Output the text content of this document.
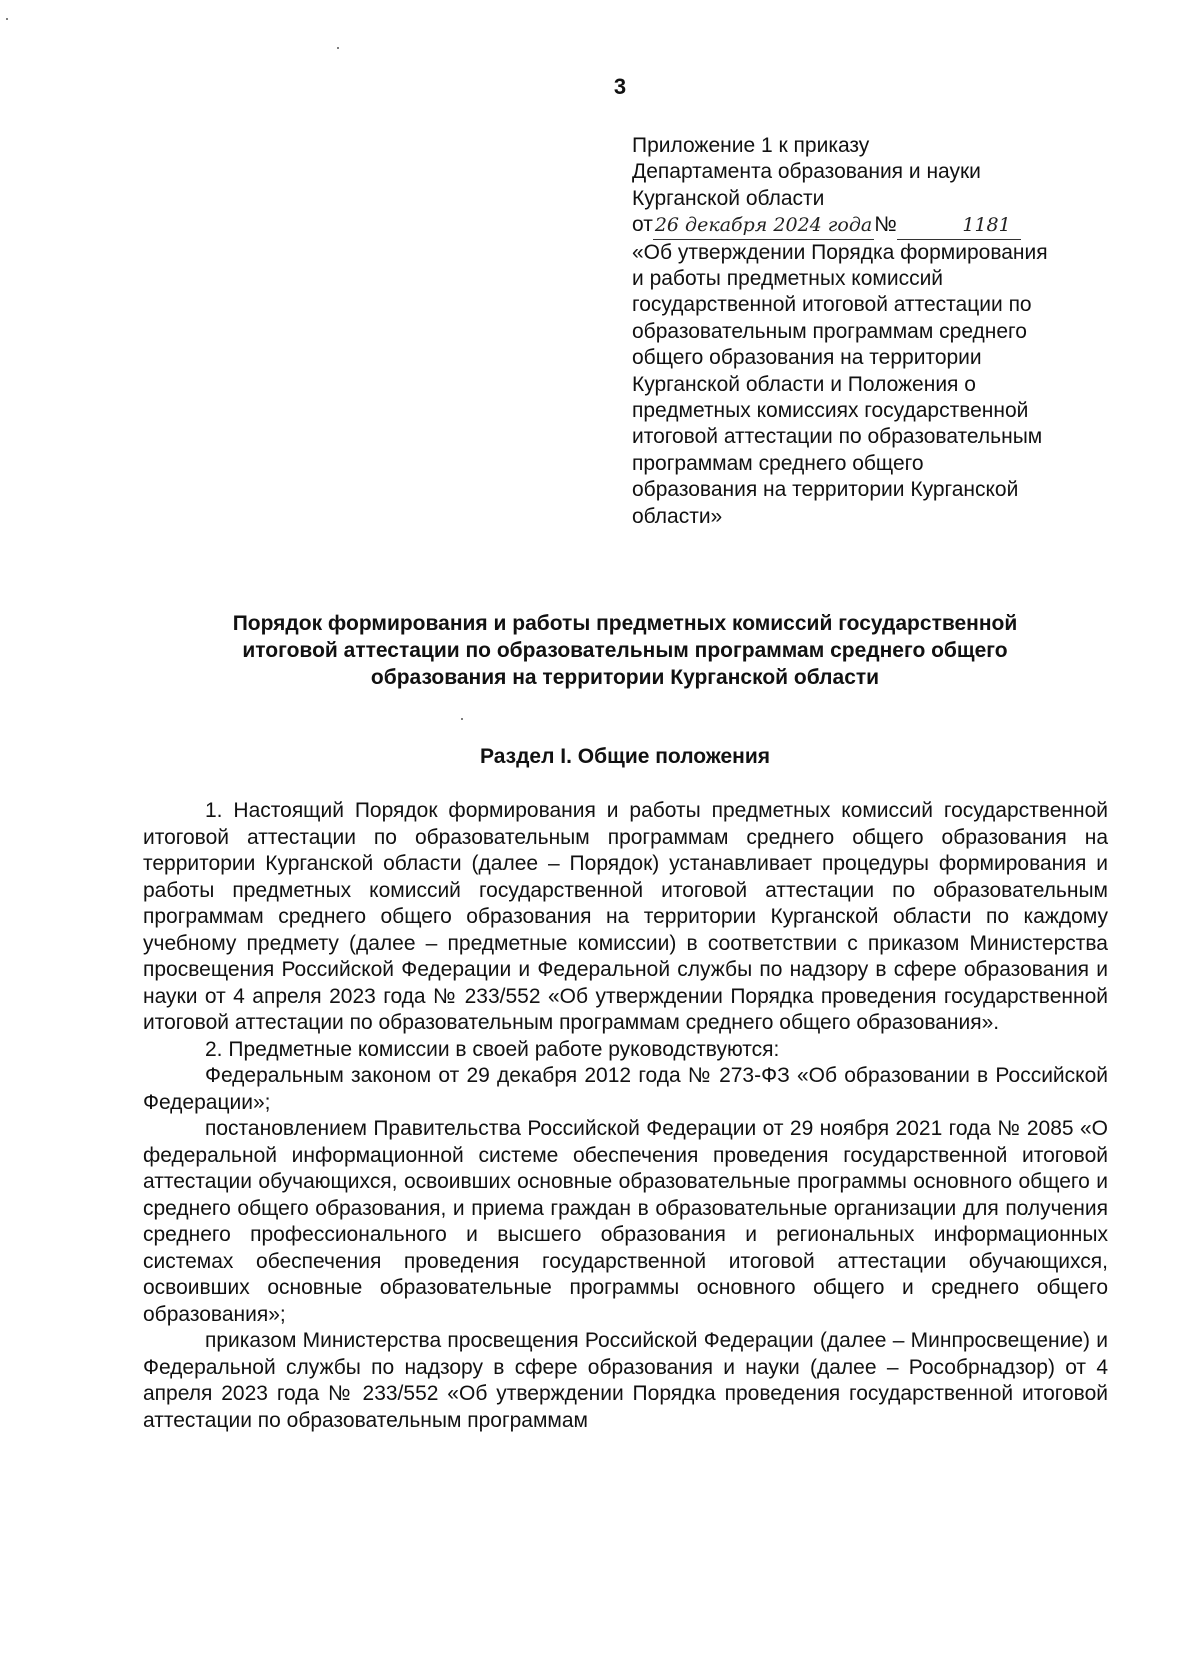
3
Приложение 1 к приказу
Департамента образования и науки
Курганской области
от 26 декабря 2024 года№	1181
«Об утверждении Порядка формирования
и работы предметных комиссий
государственной итоговой аттестации по
образовательным программам среднего
общего образования на территории
Курганской области и Положения о
предметных комиссиях государственной
итоговой аттестации по образовательным
программам среднего общего
образования на территории Курганской
области»
Порядок формирования и работы предметных комиссий государственной
итоговой аттестации по образовательным программам среднего общего
образования на территории Курганской области
Раздел I. Общие положения

1. Настоящий Порядок формирования и работы предметных комиссий государственной итоговой аттестации по образовательным программам среднего общего образования на территории Курганской области (далее – Порядок) устанавливает процедуры формирования и работы предметных комиссий государственной итоговой аттестации по образовательным программам среднего общего образования на территории Курганской области по каждому учебному предмету (далее – предметные комиссии) в соответствии с приказом Министерства просвещения Российской Федерации и Федеральной службы по надзору в сфере образования и науки от 4 апреля 2023 года № 233/552 «Об утверждении Порядка проведения государственной итоговой аттестации по образовательным программам среднего общего образования».

2. Предметные комиссии в своей работе руководствуются:

Федеральным законом от 29 декабря 2012 года № 273-ФЗ «Об образовании в Российской Федерации»;

постановлением Правительства Российской Федерации от 29 ноября 2021 года № 2085 «О федеральной информационной системе обеспечения проведения государственной итоговой аттестации обучающихся, освоивших основные образовательные программы основного общего и среднего общего образования, и приема граждан в образовательные организации для получения среднего профессионального и высшего образования и региональных информационных системах обеспечения проведения государственной итоговой аттестации обучающихся, освоивших основные образовательные программы основного общего и среднего общего образования»;

приказом Министерства просвещения Российской Федерации (далее – Минпросвещение) и Федеральной службы по надзору в сфере образования и науки (далее – Рособрнадзор) от 4 апреля 2023 года № 233/552 «Об утверждении Порядка проведения государственной итоговой аттестации по образовательным программам
